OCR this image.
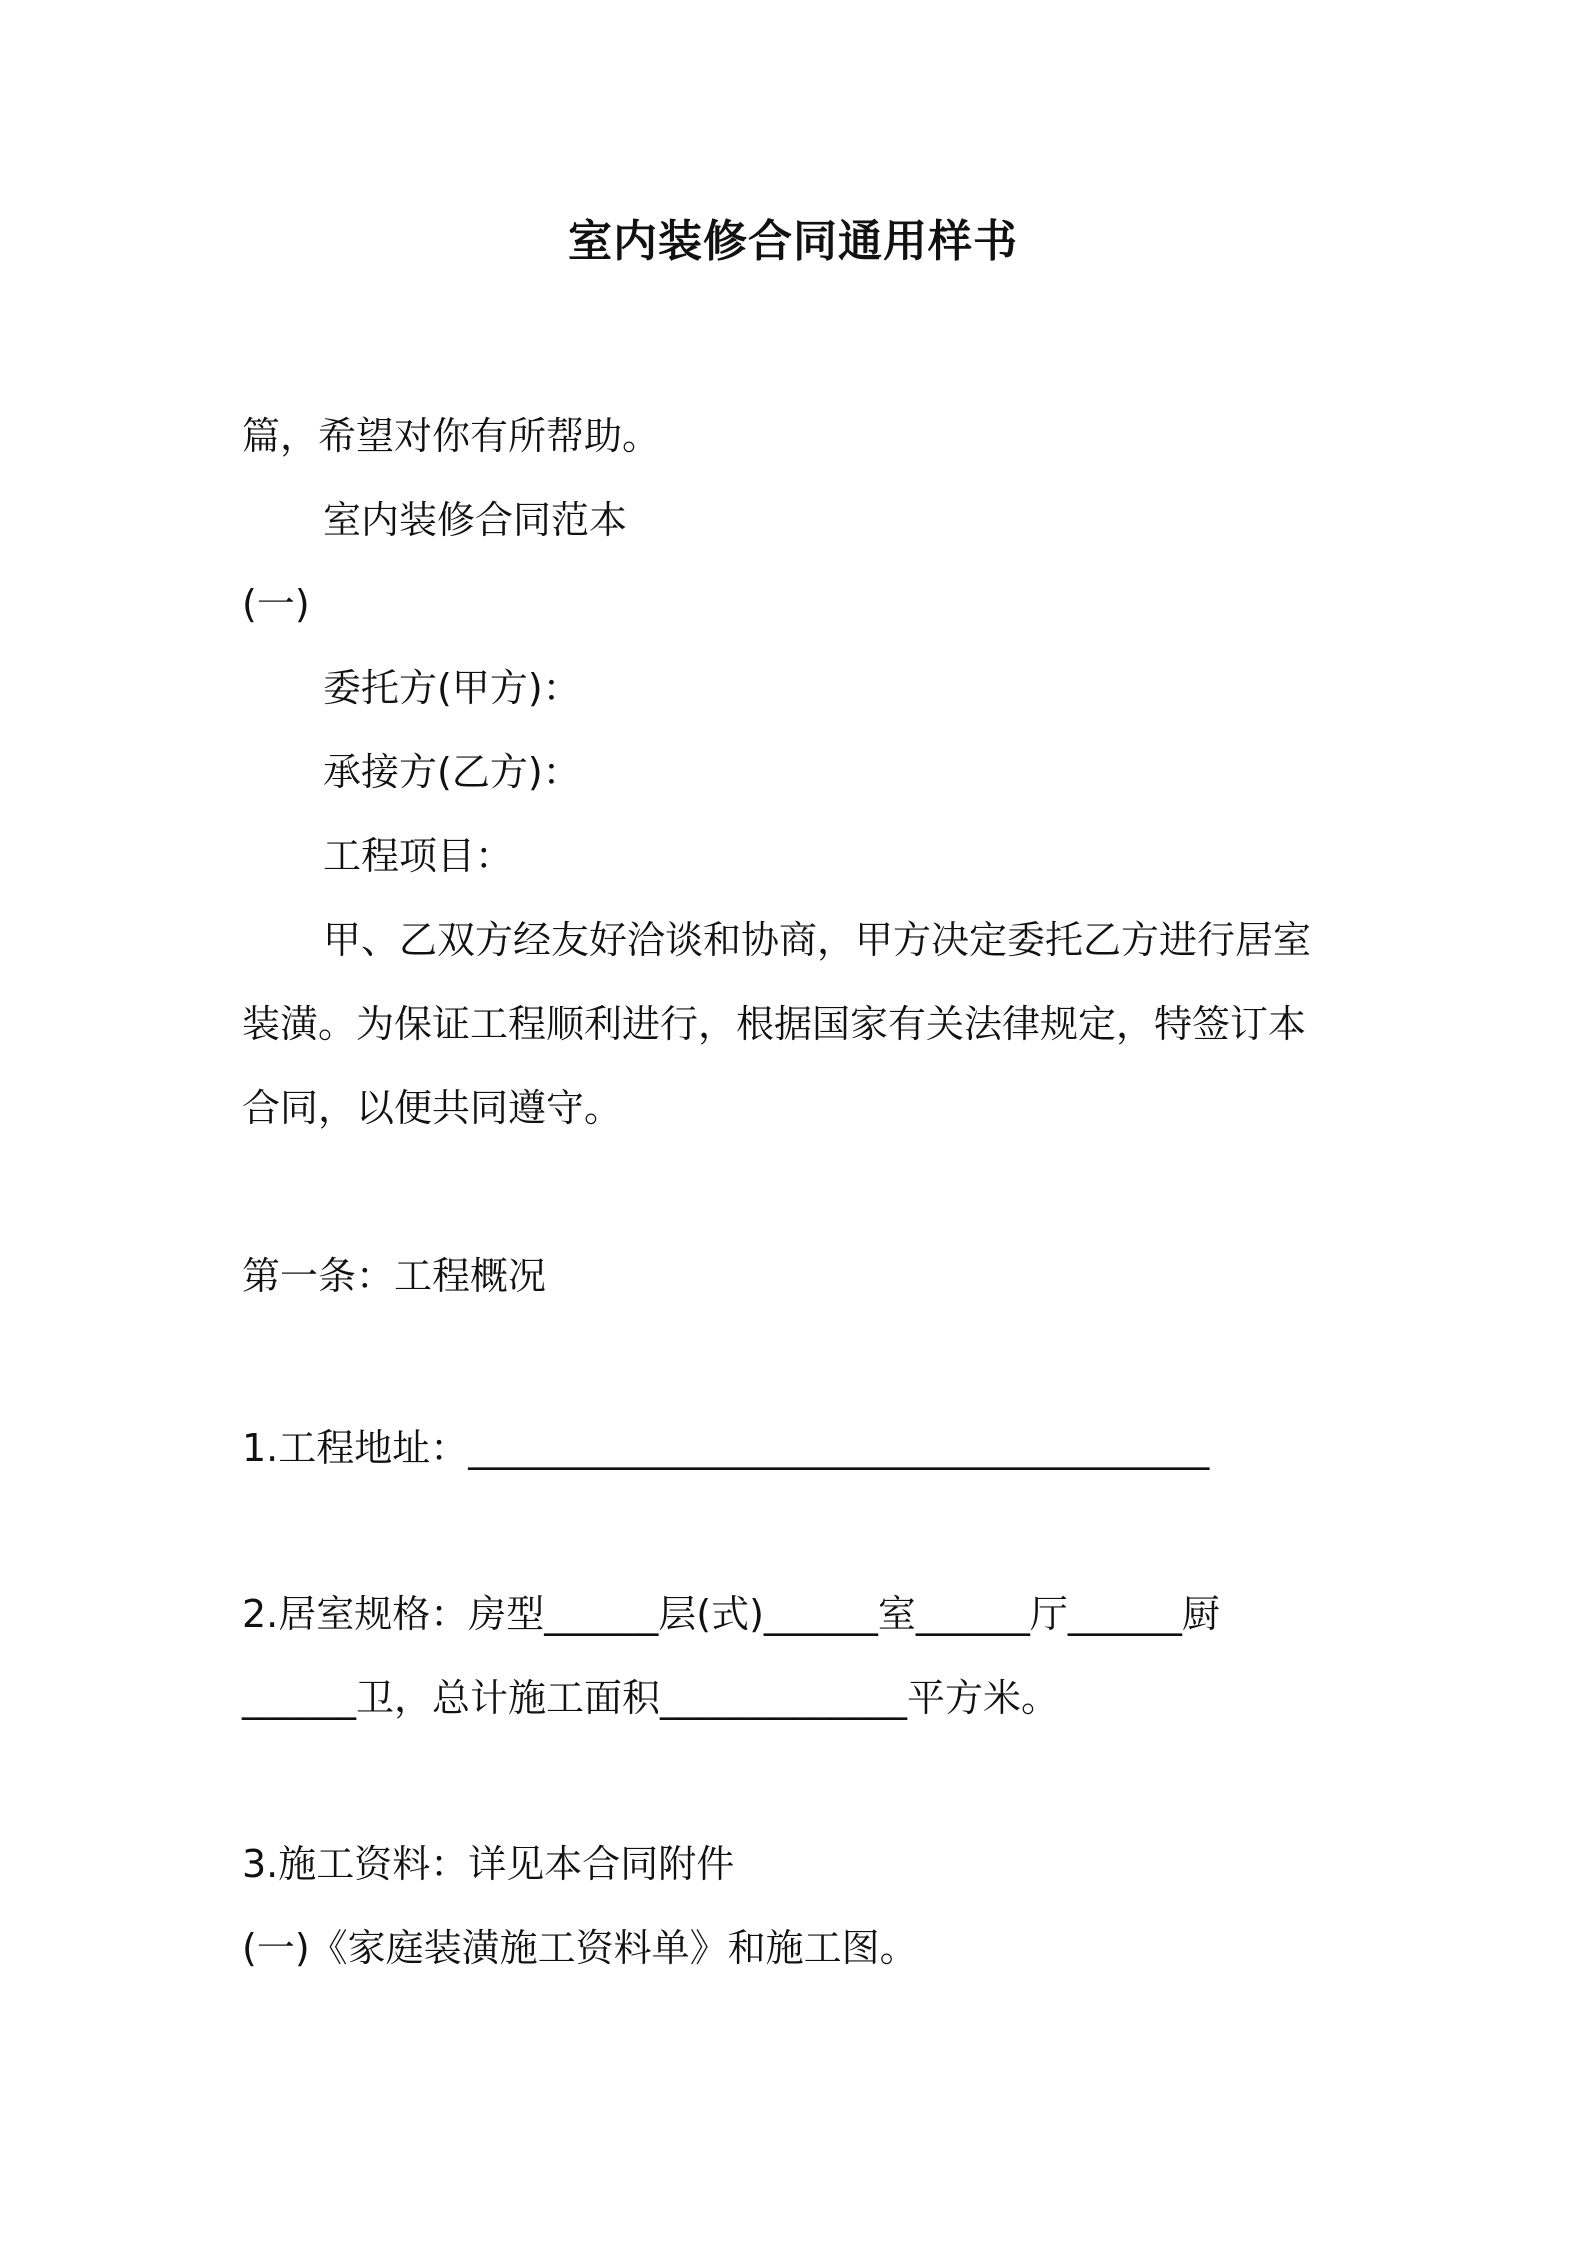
室内装修合同通用样书
篇，希望对你有所帮助。
室内装修合同范本
(一)
委托方(甲方)：
承接方(乙方)：
工程项目：
甲、乙双方经友好洽谈和协商，甲方决定委托乙方进行居室
装潢。为保证工程顺利进行，根据国家有关法律规定，特签订本
合同，以便共同遵守。
第一条：工程概况
1.工程地址：_______________________________________
2.居室规格：房型______层(式)______室______厅______厨
______卫，总计施工面积_____________平方米。
3.施工资料：详见本合同附件
(一)《家庭装潢施工资料单》和施工图。
